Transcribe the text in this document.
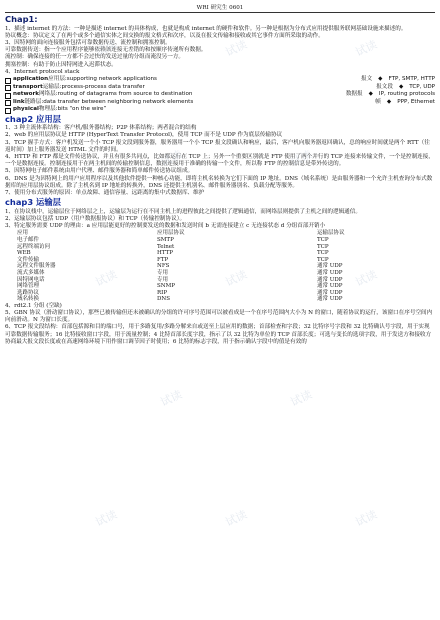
试读	试读	试读
试读	试读
试读	试读	试读
试读	试读
试读	试读	试读
WRI 研究生 0601
Chap1:

1、描述 internet 的方法：一种是描述 internet 的具体构成，也就是构成 internet 的硬件和软件。另一种是根据为分布式应用提供服务联网基础设施来描述的。

协议概念：协议定义了在两个或多个通信实体之间交换的报文格式和次序，以及在报文传输和接收或其它事件方面所采取的动作。

3、因特网的面向连接服务包括可靠数据传送、流控制和拥塞控制。

可靠数据传送：指一个应用程序能够依赖该连接无差错的和按顺序传递所有数据。

流控制：确保连接的任一方都不会过快的发送过量的分组而淹没另一方。

拥塞控制：有助于防止因特网进入迟滞状态。

4、Internet protocol stack

application 应用层: supporting network applications	报文 ◆ FTP, SMTP, HTTP
transport 运输层: process-process data transfer	报文段 ◆ TCP, UDP
network 网络层: routing of datagrams from source to destination	数据报 ◆ IP, routing protocols
link 链路层: data transfer between neighboring network elements	帧 ◆ PPP, Ethernet
physical 物理层: bits “on the wire”
chap2 应用层

1、3 种主流体系结构：客户机/服务器结构；P2P 体系结构；两者混合的结构

2、web 的应用层协议是 HTTP (HyperText Transfer Protocol)，使用 TCP 而不是 UDP 作为底层传输协议

3、TCP 握手方式：客户机发送一个小 TCP 报文段到服务器，服务器用一个小 TCP 报文段确认和响应，最后，客户机向服务器返回确认，总的响应时间就是两个 RTT（往返时间）加上服务器发送 HTML 文件的时间。

4、HTTP 和 FTP 都是文件传送协议，并且有很多共同点，比如都运行在 TCP 上；另外一个重要区别就是 FTP 使用了两个并行的 TCP 连接来传输文件，一个是控制连接，一个是数据连接。控制连接用于在两主机间的传输控制信息，数据连接用于准确的传输一个文件，所以称 FTP 的控制信息是带外传送的。

5、因特网电子邮件系统由用户代理、邮件服务器和简单邮件传送协议组成。

6、DNS 是为因特网上的用户应用程序以及其他软件提供一种核心功能，即将主机名转换为它们下面的 IP 地址。DNS（域名系统）是由服务器和一个允许主机查询分布式数据库的应用层协议组成。除了主机名到 IP 地址的转换外，DNS 还提供主机别名、邮件服务器别名、负载分配等服务。

7、使用分布式服务的原因：单点故障、通信容量、远距离的集中式数据库、维护

chap3 运输层

1、在协议栈中，运输层位于网络层之上，运输层为运行在不同主机上的进程彼此之间提供了逻辑通信，而网络层则提供了主机之间的逻辑通信。

2、运输层协议包括 UDP（用户数据报协议）和 TCP（传输控制协议）。

3、特定服务需要 UDP 的理由：a 应用层能更好的控制要发送的数据和发送时间 b 无需连接建立 c 无连接状态 d 分组首部开销小

应用	应用层协议	运输层协议
电子邮件	SMTP	TCP
远程终端访问	Telnet	TCP
WEB	HTTP	TCP
文件传输	FTP	TCP
远程文件服务器	NFS	通常 UDP
流式多媒体	专用	通常 UDP
因特网电话	专用	通常 UDP
网络管理	SNMP	通常 UDP
选路协议	RIP	通常 UDP
域名转换	DNS	通常 UDP

4、rdt2.1 分组 (空缺)

5、GBN 协议（滑动窗口协议），那些已被传输但还未被确认的分组的许可序号范围可以被看成是一个在序号范围内大小为 N 的窗口，随着协议的运行，该窗口在序号空间内向前滑动。N 为窗口长度。

6、TCP 报文段结构：首部包括源和目的端口号，用于多路复用/多路分解来自或送至上层应用的数据；首部检查和字段；32 比特序号字段和 32 比特确认号字段，用于实现可靠数据传输服务；16 比特接收窗口字段，用于流量控制；4 比特首部长度字段，指示了以 32 比特为单位的 TCP 首部长度；可选与变长的选项字段，用于发送方和接收方协商最大报文段长度或在高速网络环境下用作窗口调节因子时使用；6 比特的标志字段，用于指示确认字段中的值是有效的
